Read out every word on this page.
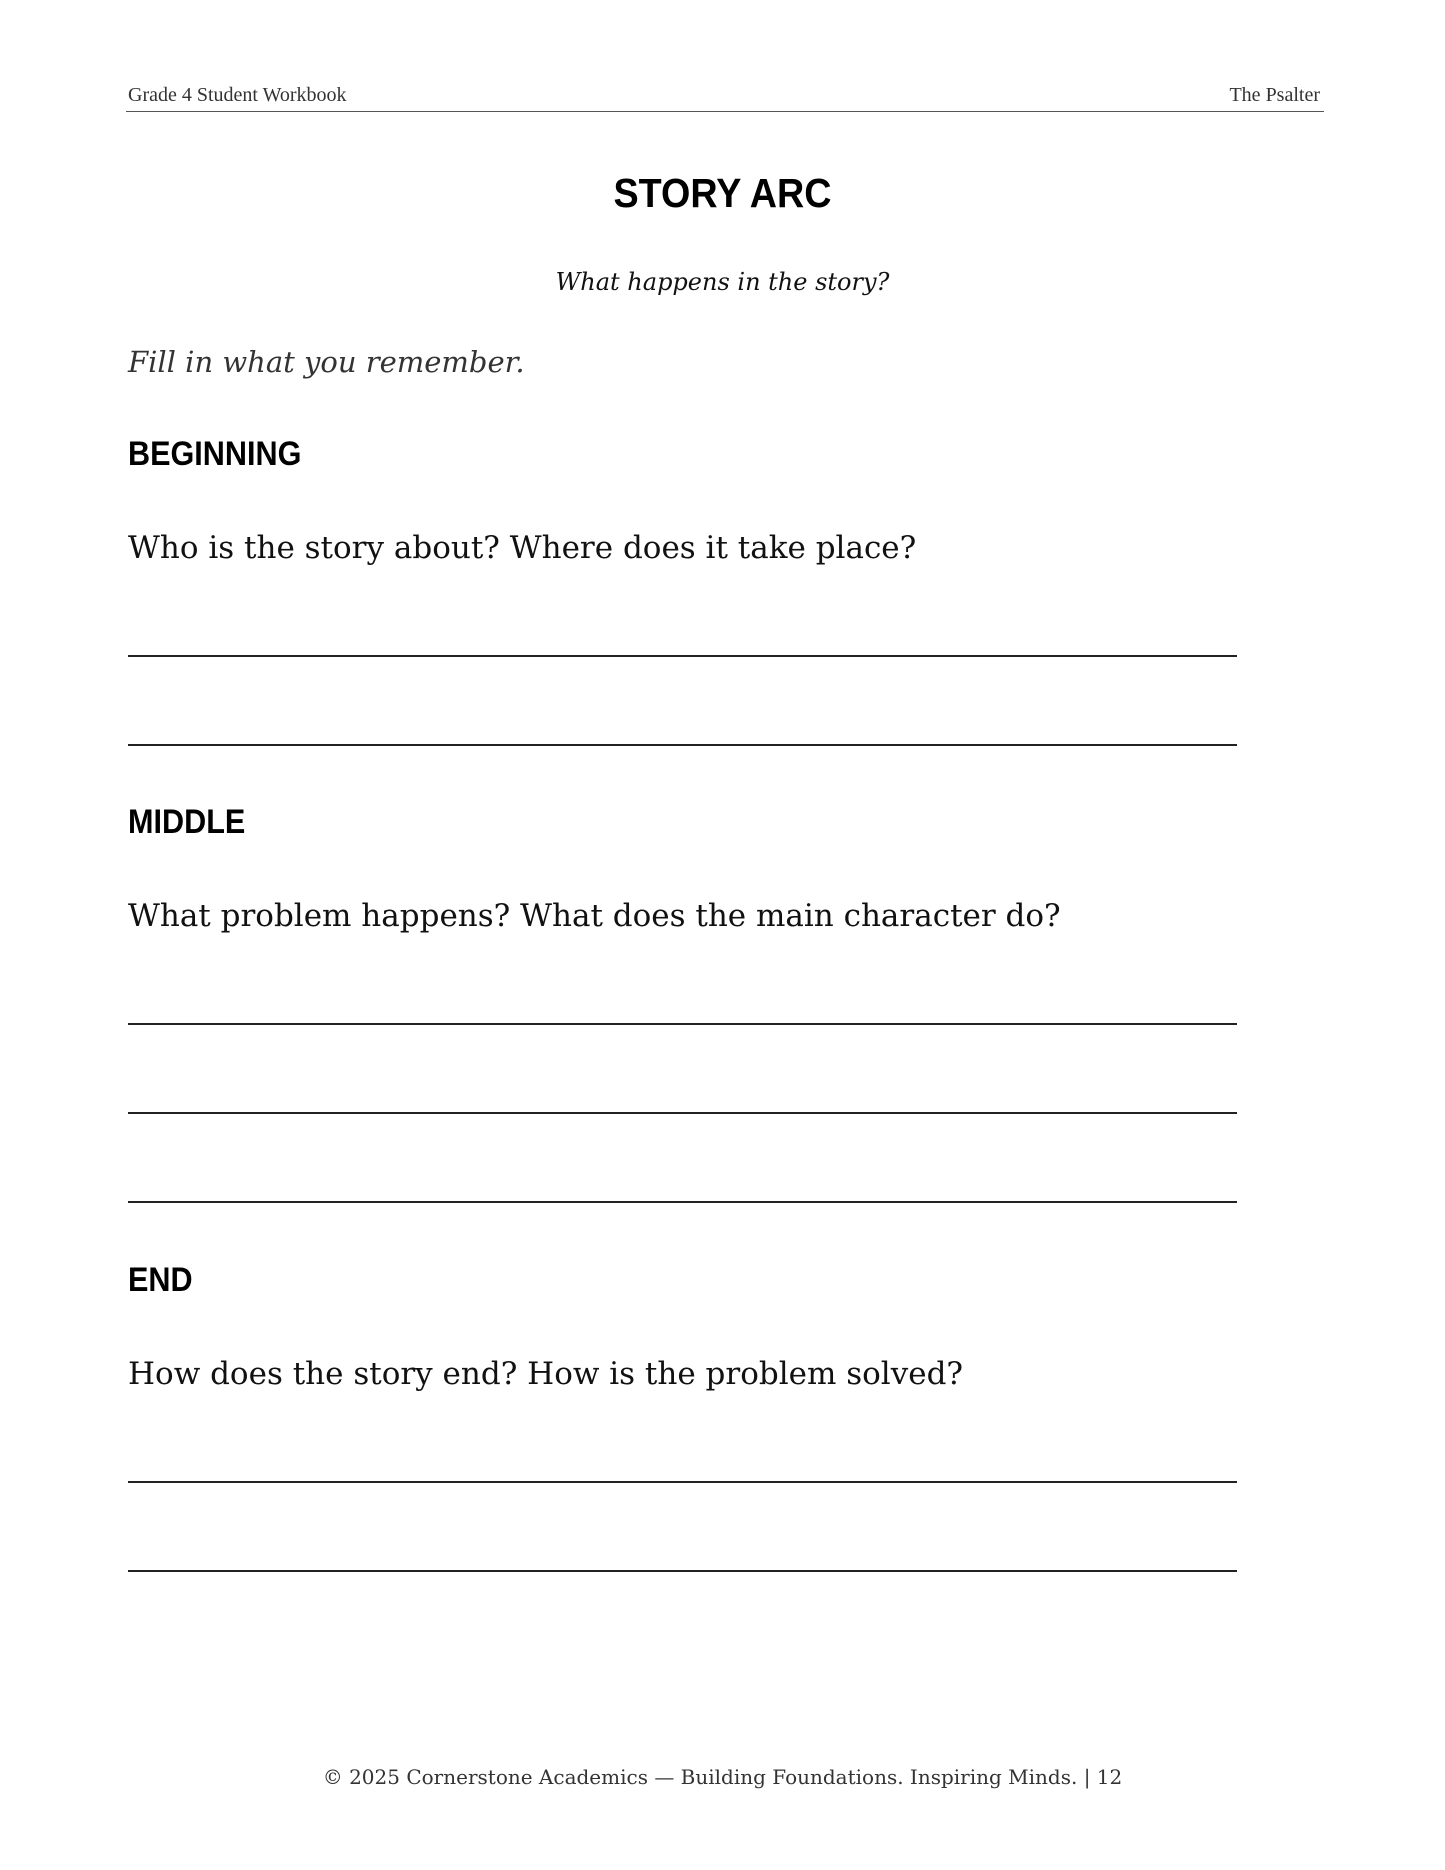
Grade 4 Student Workbook	The Psalter
STORY ARC
What happens in the story?
Fill in what you remember.
BEGINNING
Who is the story about? Where does it take place?
MIDDLE
What problem happens? What does the main character do?
END
How does the story end? How is the problem solved?
© 2025 Cornerstone Academics — Building Foundations. Inspiring Minds. | 12
